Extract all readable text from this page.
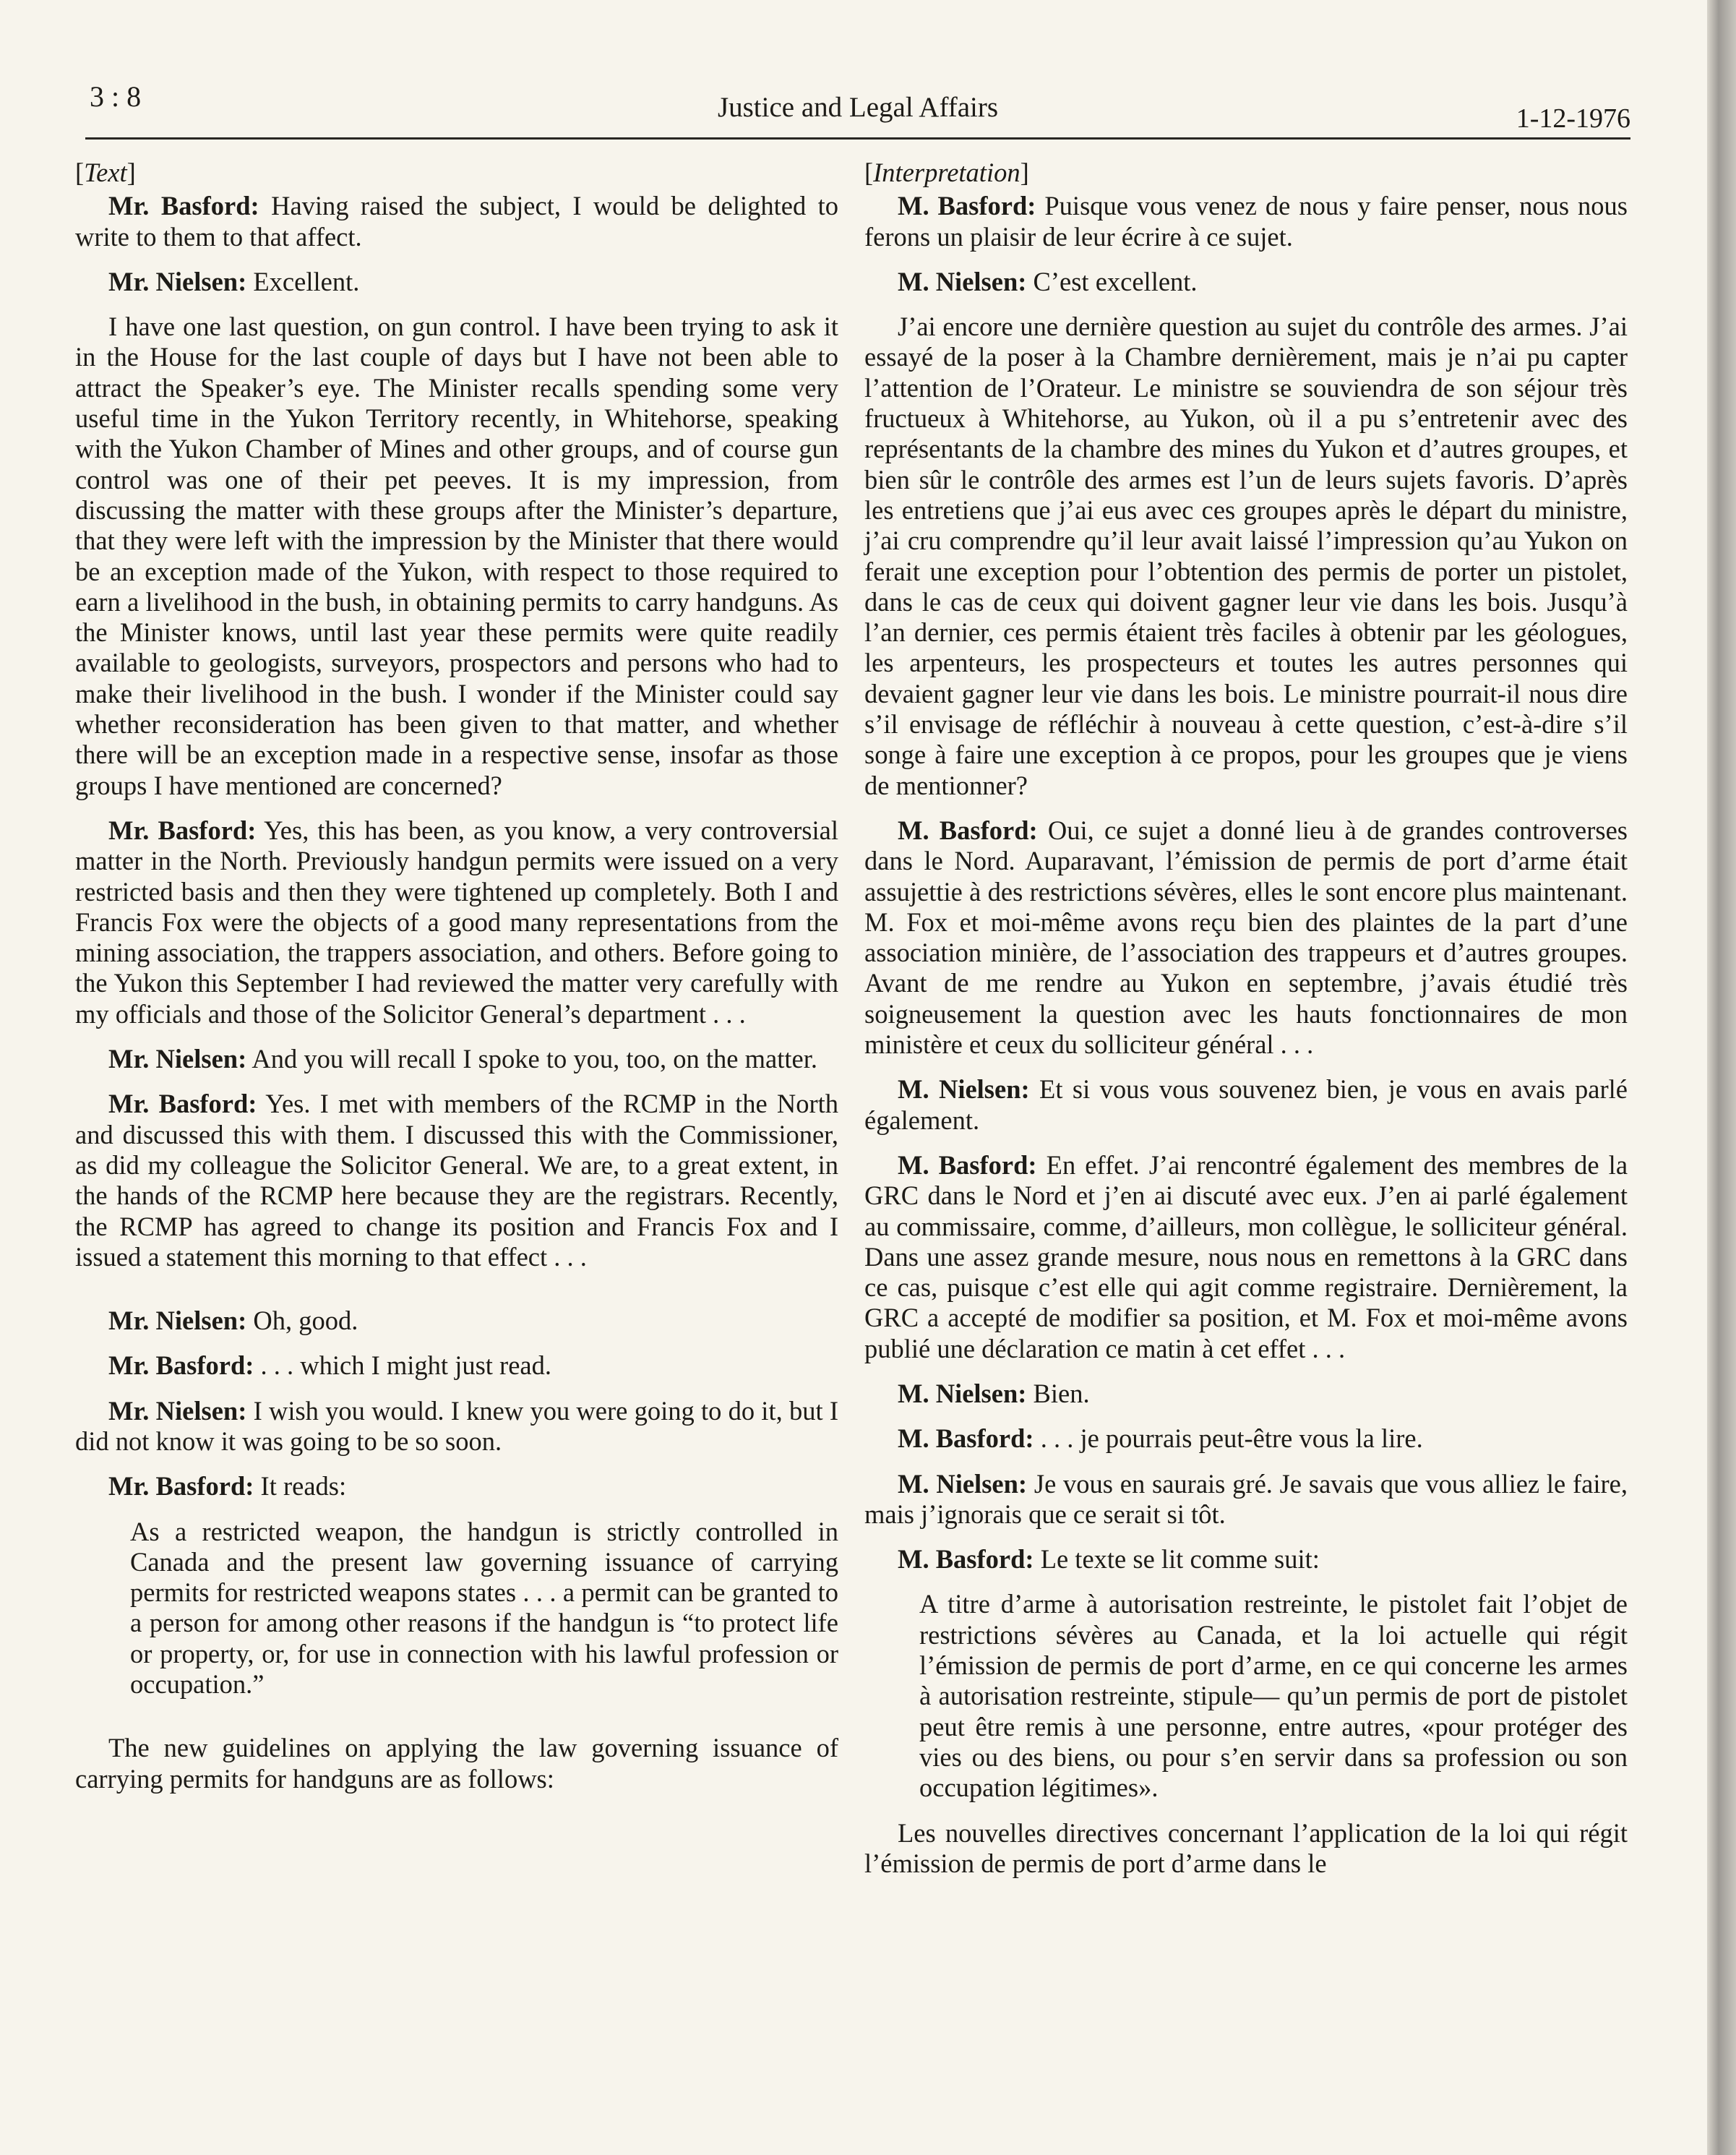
3 : 8	Justice and Legal Affairs	1-12-1976

[Text]

Mr. Basford: Having raised the subject, I would be delighted to write to them to that affect.

Mr. Nielsen: Excellent.

I have one last question, on gun control. I have been trying to ask it in the House for the last couple of days but I have not been able to attract the Speaker’s eye. The Minister recalls spending some very useful time in the Yukon Territory recently, in Whitehorse, speaking with the Yukon Chamber of Mines and other groups, and of course gun control was one of their pet peeves. It is my impression, from discussing the matter with these groups after the Minister’s departure, that they were left with the impression by the Minister that there would be an exception made of the Yukon, with respect to those required to earn a livelihood in the bush, in obtaining permits to carry handguns. As the Minister knows, until last year these permits were quite readily available to geologists, surveyors, prospectors and persons who had to make their livelihood in the bush. I wonder if the Minister could say whether reconsideration has been given to that matter, and whether there will be an exception made in a respective sense, insofar as those groups I have mentioned are concerned?

Mr. Basford: Yes, this has been, as you know, a very controversial matter in the North. Previously handgun permits were issued on a very restricted basis and then they were tightened up completely. Both I and Francis Fox were the objects of a good many representations from the mining association, the trappers association, and others. Before going to the Yukon this September I had reviewed the matter very carefully with my officials and those of the Solicitor General’s department . . .

Mr. Nielsen: And you will recall I spoke to you, too, on the matter.

Mr. Basford: Yes. I met with members of the RCMP in the North and discussed this with them. I discussed this with the Commissioner, as did my colleague the Solicitor General. We are, to a great extent, in the hands of the RCMP here because they are the registrars. Recently, the RCMP has agreed to change its position and Francis Fox and I issued a statement this morning to that effect . . .

Mr. Nielsen: Oh, good.

Mr. Basford: . . . which I might just read.

Mr. Nielsen: I wish you would. I knew you were going to do it, but I did not know it was going to be so soon.

Mr. Basford: It reads:

As a restricted weapon, the handgun is strictly controlled in Canada and the present law governing issuance of carrying permits for restricted weapons states . . . a permit can be granted to a person for among other reasons if the handgun is “to protect life or property, or, for use in connection with his lawful profession or occupation.”

The new guidelines on applying the law governing issuance of carrying permits for handguns are as follows:

[Interpretation]

M. Basford: Puisque vous venez de nous y faire penser, nous nous ferons un plaisir de leur écrire à ce sujet.

M. Nielsen: C’est excellent.

J’ai encore une dernière question au sujet du contrôle des armes. J’ai essayé de la poser à la Chambre dernièrement, mais je n’ai pu capter l’attention de l’Orateur. Le ministre se souviendra de son séjour très fructueux à Whitehorse, au Yukon, où il a pu s’entretenir avec des représentants de la chambre des mines du Yukon et d’autres groupes, et bien sûr le contrôle des armes est l’un de leurs sujets favoris. D’après les entretiens que j’ai eus avec ces groupes après le départ du ministre, j’ai cru comprendre qu’il leur avait laissé l’impression qu’au Yukon on ferait une exception pour l’obtention des permis de porter un pistolet, dans le cas de ceux qui doivent gagner leur vie dans les bois. Jusqu’à l’an dernier, ces permis étaient très faciles à obtenir par les géologues, les arpenteurs, les prospecteurs et toutes les autres personnes qui devaient gagner leur vie dans les bois. Le ministre pourrait-il nous dire s’il envisage de réfléchir à nouveau à cette question, c’est-à-dire s’il songe à faire une exception à ce propos, pour les groupes que je viens de mentionner?

M. Basford: Oui, ce sujet a donné lieu à de grandes controverses dans le Nord. Auparavant, l’émission de permis de port d’arme était assujettie à des restrictions sévères, elles le sont encore plus maintenant. M. Fox et moi-même avons reçu bien des plaintes de la part d’une association minière, de l’association des trappeurs et d’autres groupes. Avant de me rendre au Yukon en septembre, j’avais étudié très soigneusement la question avec les hauts fonctionnaires de mon ministère et ceux du solliciteur général . . .

M. Nielsen: Et si vous vous souvenez bien, je vous en avais parlé également.

M. Basford: En effet. J’ai rencontré également des membres de la GRC dans le Nord et j’en ai discuté avec eux. J’en ai parlé également au commissaire, comme, d’ailleurs, mon collègue, le solliciteur général. Dans une assez grande mesure, nous nous en remettons à la GRC dans ce cas, puisque c’est elle qui agit comme registraire. Dernièrement, la GRC a accepté de modifier sa position, et M. Fox et moi-même avons publié une déclaration ce matin à cet effet . . .

M. Nielsen: Bien.

M. Basford: . . . je pourrais peut-être vous la lire.

M. Nielsen: Je vous en saurais gré. Je savais que vous alliez le faire, mais j’ignorais que ce serait si tôt.

M. Basford: Le texte se lit comme suit:

A titre d’arme à autorisation restreinte, le pistolet fait l’objet de restrictions sévères au Canada, et la loi actuelle qui régit l’émission de permis de port d’arme, en ce qui concerne les armes à autorisation restreinte, stipule— qu’un permis de port de pistolet peut être remis à une personne, entre autres, «pour protéger des vies ou des biens, ou pour s’en servir dans sa profession ou son occupation légitimes».

Les nouvelles directives concernant l’application de la loi qui régit l’émission de permis de port d’arme dans le
